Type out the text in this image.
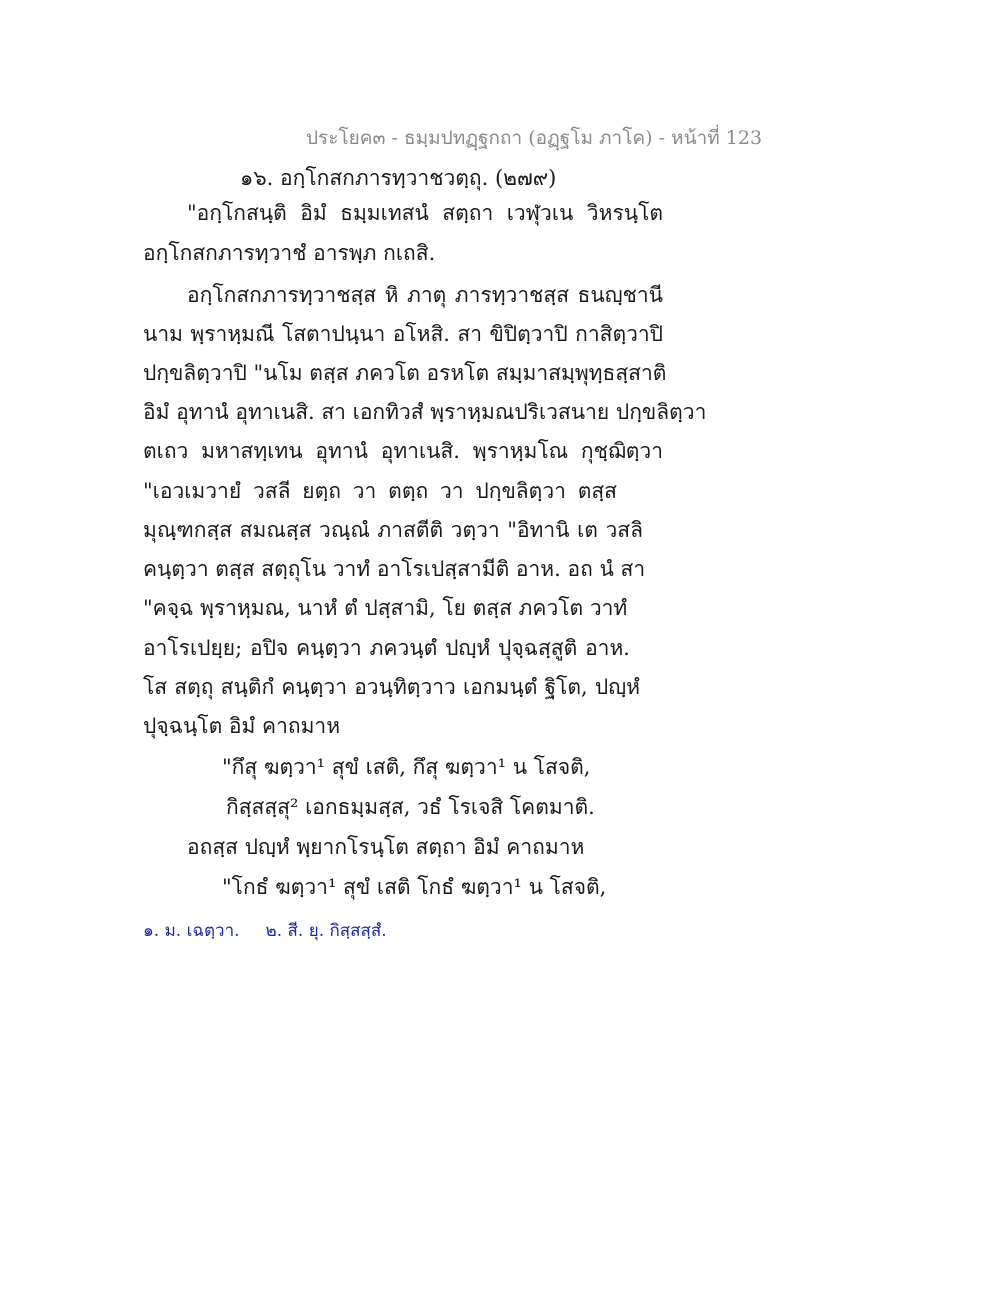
ประโยค๓ - ธมฺมปทฏฺฐกถา (อฏฺฐโม ภาโค) - หน้าที่ 123
๑๖. อกฺโกสกภารทฺวาชวตฺถุ. (๒๗๙)
"อกฺโกสนฺติ อิมํ ธมฺมเทสนํ สตฺถา เวฬุวเน วิหรนฺโต
อกฺโกสกภารทฺวาชํ อารพฺภ กเถสิ.
อกฺโกสกภารทฺวาชสฺส หิ ภาตุ ภารทฺวาชสฺส ธนญฺชานี
นาม พฺราหฺมณี โสตาปนฺนา อโหสิ. สา ขิปิตฺวาปิ กาสิตฺวาปิ
ปกฺขลิตฺวาปิ "นโม ตสฺส ภควโต อรหโต สมฺมาสมฺพุทฺธสฺสาติ
อิมํ อุทานํ อุทาเนสิ. สา เอกทิวสํ พฺราหฺมณปริเวสนาย ปกฺขลิตฺวา
ตเถว มหาสทฺเทน อุทานํ อุทาเนสิ. พฺราหฺมโณ กุชฺฌิตฺวา
"เอวเมวายํ วสลี ยตฺถ วา ตตฺถ วา ปกฺขลิตฺวา ตสฺส
มุณฺฑกสฺส สมณสฺส วณฺณํ ภาสตีติ วตฺวา "อิทานิ เต วสลิ
คนฺตฺวา ตสฺส สตฺถุโน วาทํ อาโรเปสฺสามีติ อาห. อถ นํ สา
"คจฺฉ พฺราหฺมณ, นาหํ ตํ ปสฺสามิ, โย ตสฺส ภควโต วาทํ
อาโรเปยฺย; อปิจ คนฺตฺวา ภควนฺตํ ปญฺหํ ปุจฺฉสฺสูติ อาห.
โส สตฺถุ สนฺติกํ คนฺตฺวา อวนฺทิตฺวาว เอกมนฺตํ ฐิโต, ปญฺหํ
ปุจฺฉนฺโต อิมํ คาถมาห
"กึสุ ฆตฺวา¹ สุขํ เสติ, กึสุ ฆตฺวา¹ น โสจติ,
กิสฺสสฺสุ² เอกธมฺมสฺส, วธํ โรเจสิ โคตมาติ.
อถสฺส ปญฺหํ พฺยากโรนฺโต สตฺถา อิมํ คาถมาห
"โกธํ ฆตฺวา¹ สุขํ เสติ โกธํ ฆตฺวา¹ น โสจติ,
๑. ม. เฉตฺวา. ๒. สี. ยุ. กิสฺสสฺสํ.
